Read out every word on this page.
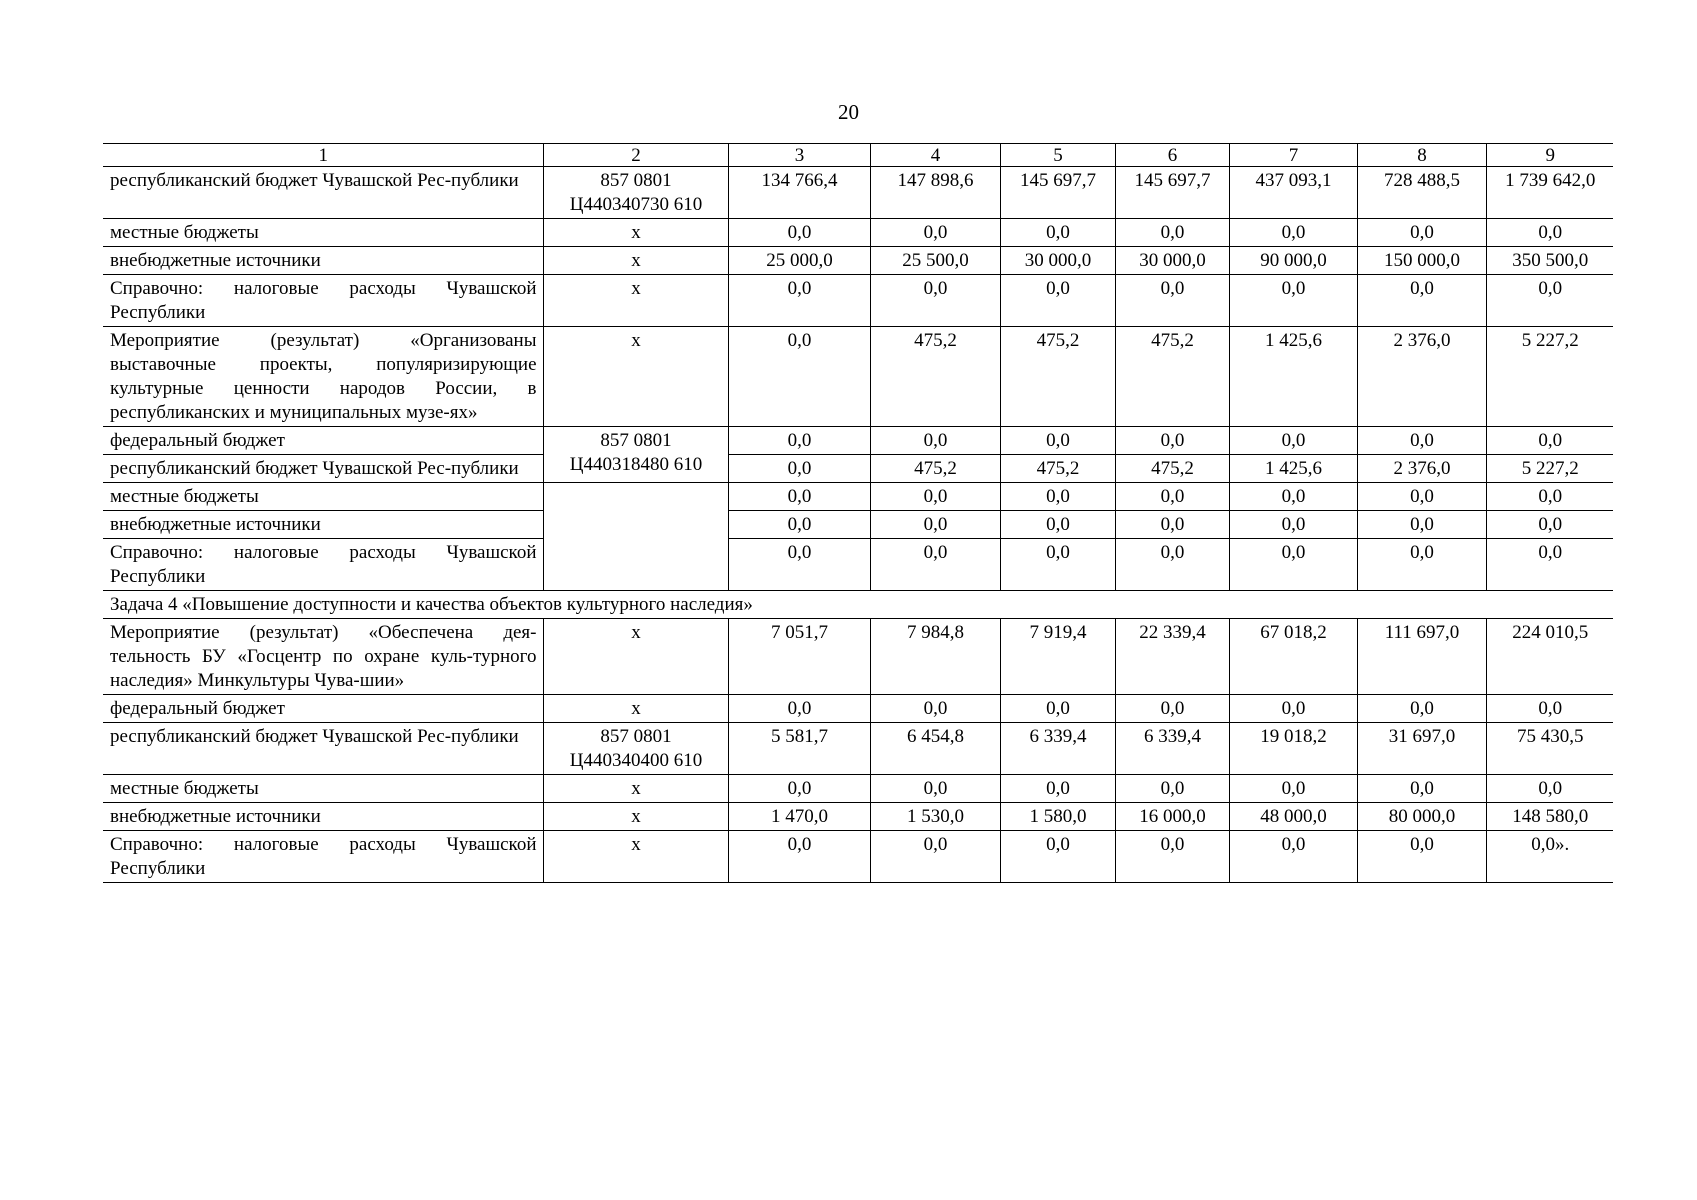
20
1	2	3	4	5	6	7	8	9
республиканский бюджет Чувашской Рес-публики	857 0801 Ц440340730 610	134 766,4	147 898,6	145 697,7	145 697,7	437 093,1	728 488,5	1 739 642,0
местные бюджеты	х	0,0	0,0	0,0	0,0	0,0	0,0	0,0
внебюджетные источники	х	25 000,0	25 500,0	30 000,0	30 000,0	90 000,0	150 000,0	350 500,0
Справочно: налоговые расходы Чувашской Республики	х	0,0	0,0	0,0	0,0	0,0	0,0	0,0
Мероприятие (результат) «Организованы выставочные проекты, популяризирующие культурные ценности народов России, в республиканских и муниципальных музе-ях»	х	0,0	475,2	475,2	475,2	1 425,6	2 376,0	5 227,2
федеральный бюджет	857 0801 Ц440318480 610	0,0	0,0	0,0	0,0	0,0	0,0	0,0
республиканский бюджет Чувашской Рес-публики		0,0	475,2	475,2	475,2	1 425,6	2 376,0	5 227,2
местные бюджеты		0,0	0,0	0,0	0,0	0,0	0,0	0,0
внебюджетные источники		0,0	0,0	0,0	0,0	0,0	0,0	0,0
Справочно: налоговые расходы Чувашской Республики		0,0	0,0	0,0	0,0	0,0	0,0	0,0
Задача 4 «Повышение доступности и качества объектов культурного наследия»								
Мероприятие (результат) «Обеспечена дея-тельность БУ «Госцентр по охране куль-турного наследия» Минкультуры Чува-шии»	х	7 051,7	7 984,8	7 919,4	22 339,4	67 018,2	111 697,0	224 010,5
федеральный бюджет	х	0,0	0,0	0,0	0,0	0,0	0,0	0,0
республиканский бюджет Чувашской Рес-публики	857 0801 Ц440340400 610	5 581,7	6 454,8	6 339,4	6 339,4	19 018,2	31 697,0	75 430,5
местные бюджеты	х	0,0	0,0	0,0	0,0	0,0	0,0	0,0
внебюджетные источники	х	1 470,0	1 530,0	1 580,0	16 000,0	48 000,0	80 000,0	148 580,0
Справочно: налоговые расходы Чувашской Республики	х	0,0	0,0	0,0	0,0	0,0	0,0	0,0».
